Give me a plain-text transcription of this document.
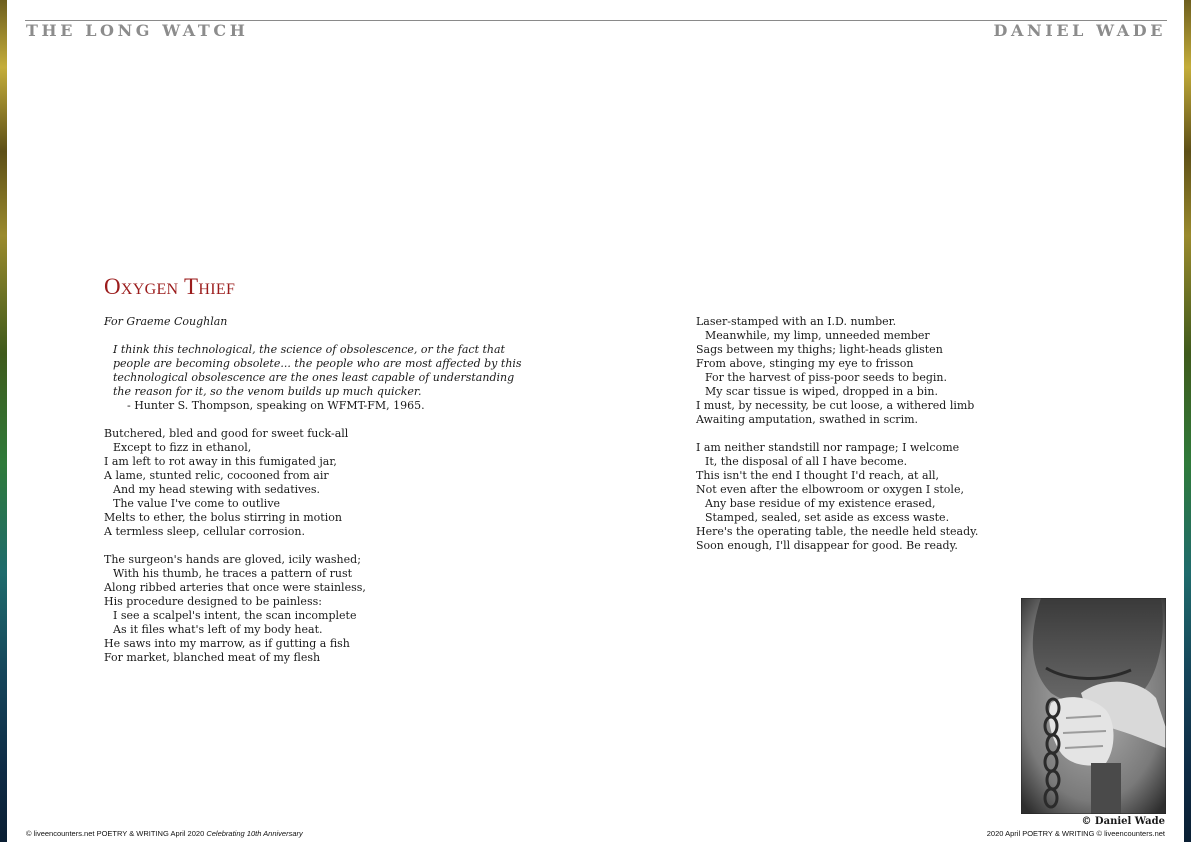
THE LONG WATCH	DANIEL WADE
Oxygen Thief
For Graeme Coughlan
I think this technological, the science of obsolescence, or the fact that people are becoming obsolete... the people who are most affected by this technological obsolescence are the ones least capable of understanding the reason for it, so the venom builds up much quicker.
- Hunter S. Thompson, speaking on WFMT-FM, 1965.
Butchered, bled and good for sweet fuck-all
Except to fizz in ethanol,
I am left to rot away in this fumigated jar,
A lame, stunted relic, cocooned from air
And my head stewing with sedatives.
The value I've come to outlive
Melts to ether, the bolus stirring in motion
A termless sleep, cellular corrosion.
The surgeon's hands are gloved, icily washed;
With his thumb, he traces a pattern of rust
Along ribbed arteries that once were stainless,
His procedure designed to be painless:
I see a scalpel's intent, the scan incomplete
As it files what's left of my body heat.
He saws into my marrow, as if gutting a fish
For market, blanched meat of my flesh
Laser-stamped with an I.D. number.
Meanwhile, my limp, unneeded member
Sags between my thighs; light-heads glisten
From above, stinging my eye to frisson
For the harvest of piss-poor seeds to begin.
My scar tissue is wiped, dropped in a bin.
I must, by necessity, be cut loose, a withered limb
Awaiting amputation, swathed in scrim.
I am neither standstill nor rampage; I welcome
It, the disposal of all I have become.
This isn't the end I thought I'd reach, at all,
Not even after the elbowroom or oxygen I stole,
Any base residue of my existence erased,
Stamped, sealed, set aside as excess waste.
Here's the operating table, the needle held steady.
Soon enough, I'll disappear for good. Be ready.
© Daniel Wade
© liveencounters.net POETRY & WRITING April 2020 Celebrating 10th Anniversary	2020 April POETRY & WRITING © liveencounters.net
